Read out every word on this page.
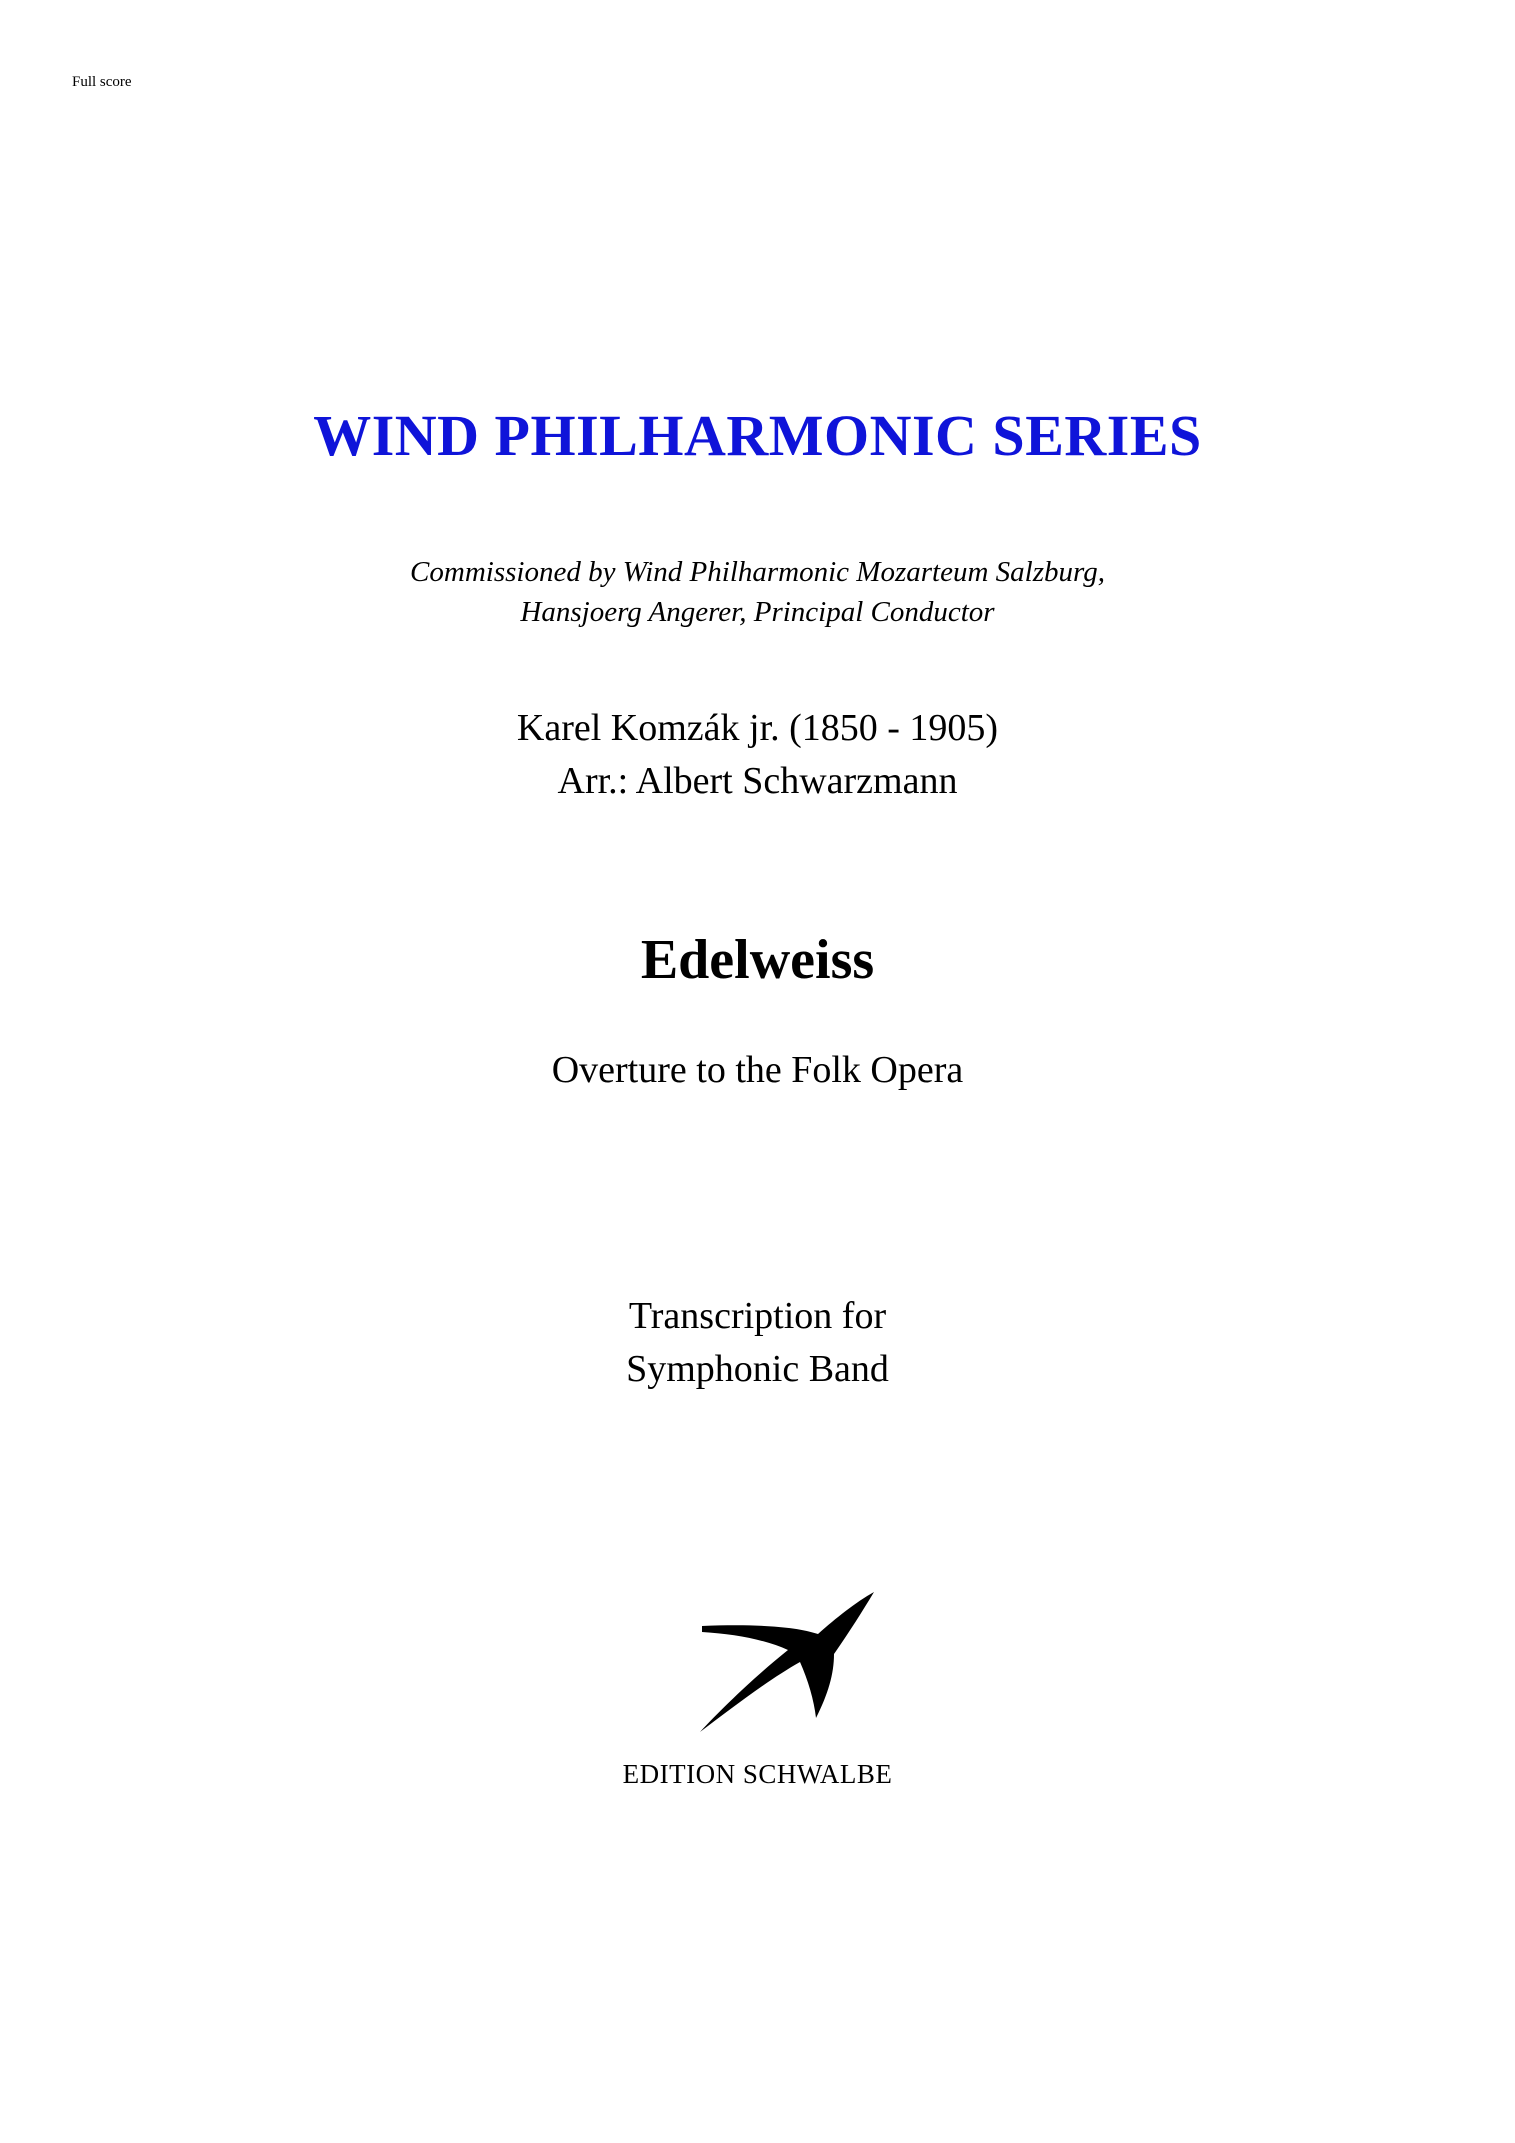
Full score
WIND PHILHARMONIC SERIES
Commissioned by Wind Philharmonic Mozarteum Salzburg,
Hansjoerg Angerer, Principal Conductor
Karel Komzák jr. (1850 - 1905)
Arr.: Albert Schwarzmann
Edelweiss
Overture to the Folk Opera
Transcription for
Symphonic Band
EDITION SCHWALBE
